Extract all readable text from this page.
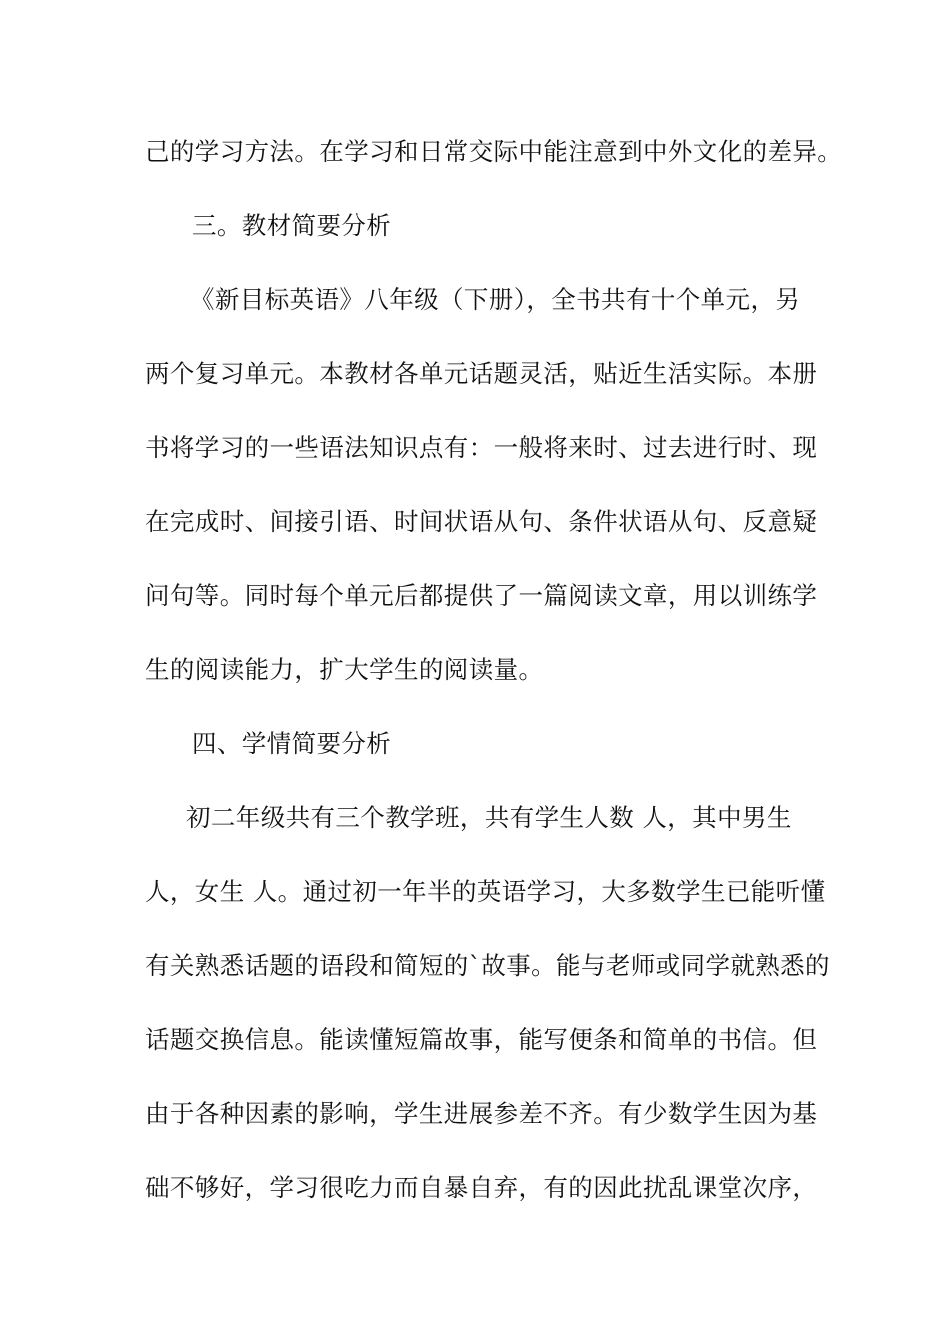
己的学习方法。在学习和日常交际中能注意到中外文化的差异。

三。教材简要分析

《新目标英语》八年级（下册），全书共有十个单元，另

两个复习单元。本教材各单元话题灵活，贴近生活实际。本册

书将学习的一些语法知识点有：一般将来时、过去进行时、现

在完成时、间接引语、时间状语从句、条件状语从句、反意疑

问句等。同时每个单元后都提供了一篇阅读文章，用以训练学

生的阅读能力，扩大学生的阅读量。

四、学情简要分析

初二年级共有三个教学班，共有学生人数 人，其中男生

人，女生 人。通过初一年半的英语学习，大多数学生已能听懂

有关熟悉话题的语段和简短的`故事。能与老师或同学就熟悉的

话题交换信息。能读懂短篇故事，能写便条和简单的书信。但

由于各种因素的影响，学生进展参差不齐。有少数学生因为基

础不够好，学习很吃力而自暴自弃，有的因此扰乱课堂次序，
